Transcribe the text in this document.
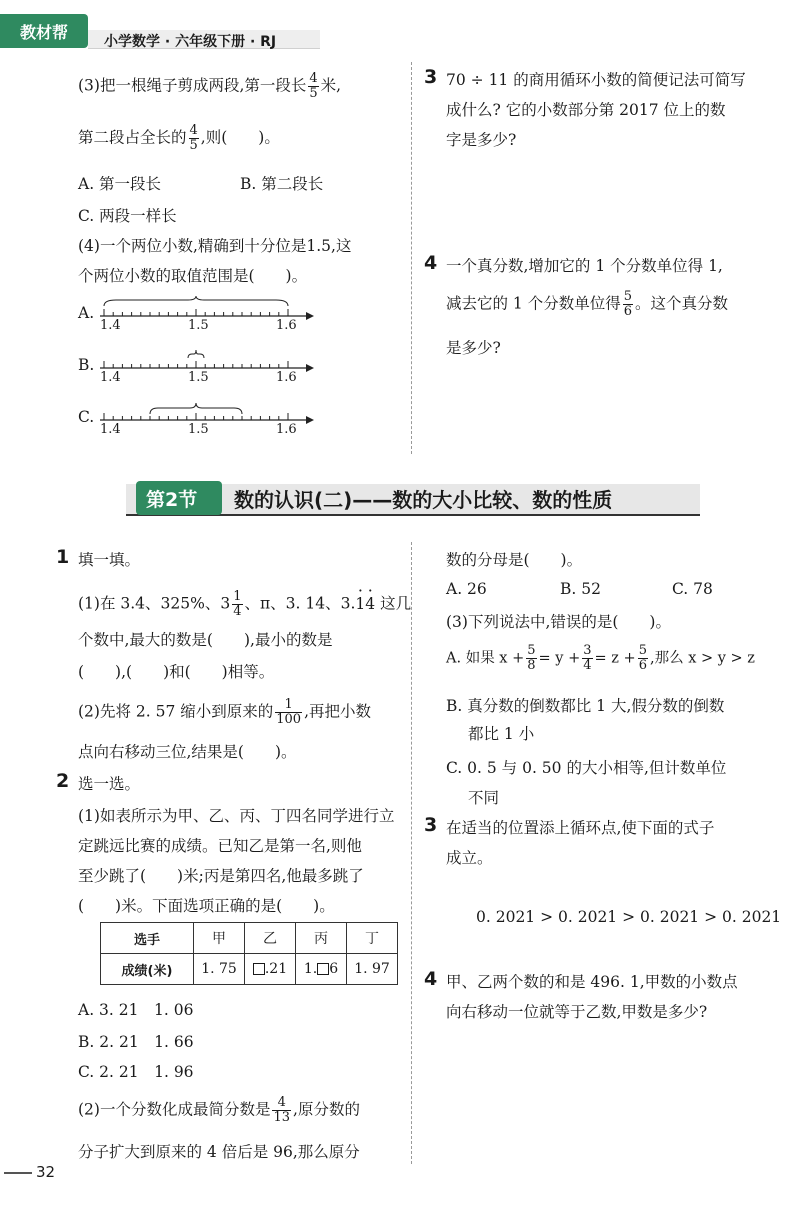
教材帮	小学数学 · 六年级下册 · RJ
(3)把一根绳子剪成两段,第一段长 $\frac{4}{5}$ 米,
第二段占全长的 $\frac{4}{5}$ ,则(　　)。
A. 第一段长	B. 第二段长
C. 两段一样长
(4)一个两位小数,精确到十分位是1.5,这
个两位小数的取值范围是(　　)。
A.
1.4	1.5	1.6
B.
1.4	1.5	1.6
C.
1.4	1.5	1.6
3 70 ÷ 11 的商用循环小数的简便记法可简写
成什么? 它的小数部分第 2017 位上的数
字是多少?
4 一个真分数,增加它的 1 个分数单位得 1,
减去它的 1 个分数单位得 $\frac{5}{6}$ 。这个真分数
是多少?
第2节 数的认识(二)——数的大小比较、数的性质
1 填一填。
(1)在 3.4、325%、$3 \frac{1}{4}$ 、π、3. 14、3.1 ·4 · 这几
个数中,最大的数是(　　),最小的数是
(　　),(　　)和(　　)相等。
(2)先将 2. 57 缩小到原来的 $\frac{1}{100}$ ,再把小数
点向右移动三位,结果是(　　)。
2 选一选。
(1)如表所示为甲、乙、丙、丁四名同学进行立
定跳远比赛的成绩。已知乙是第一名,则他
至少跳了(　　)米;丙是第四名,他最多跳了
(　　)米。下面选项正确的是(　　)。
选手	甲	乙	丙	丁
成绩(米)	1. 75	.21	1. 6	1. 97
A. 3. 21　1. 06
B. 2. 21　1. 66
C. 2. 21　1. 96
(2)一个分数化成最简分数是 $\frac{4}{13}$ ,原分数的
分子扩大到原来的 4 倍后是 96,那么原分
数的分母是(　　)。
A. 26	B. 52	C. 78
(3)下列说法中,错误的是(　　)。
A. 如果 $x + \frac{5}{8} = y + \frac{3}{4} = z + \frac{5}{6}$ ,那么 x > y > z
B. 真分数的倒数都比 1 大,假分数的倒数
都比 1 小
C. 0. 5 与 0. 50 的大小相等,但计数单位
不同
3 在适当的位置添上循环点,使下面的式子
成立。
0. 2021 > 0. 2021 > 0. 2021 > 0. 2021
4 甲、乙两个数的和是 496. 1,甲数的小数点
向右移动一位就等于乙数,甲数是多少?
32
